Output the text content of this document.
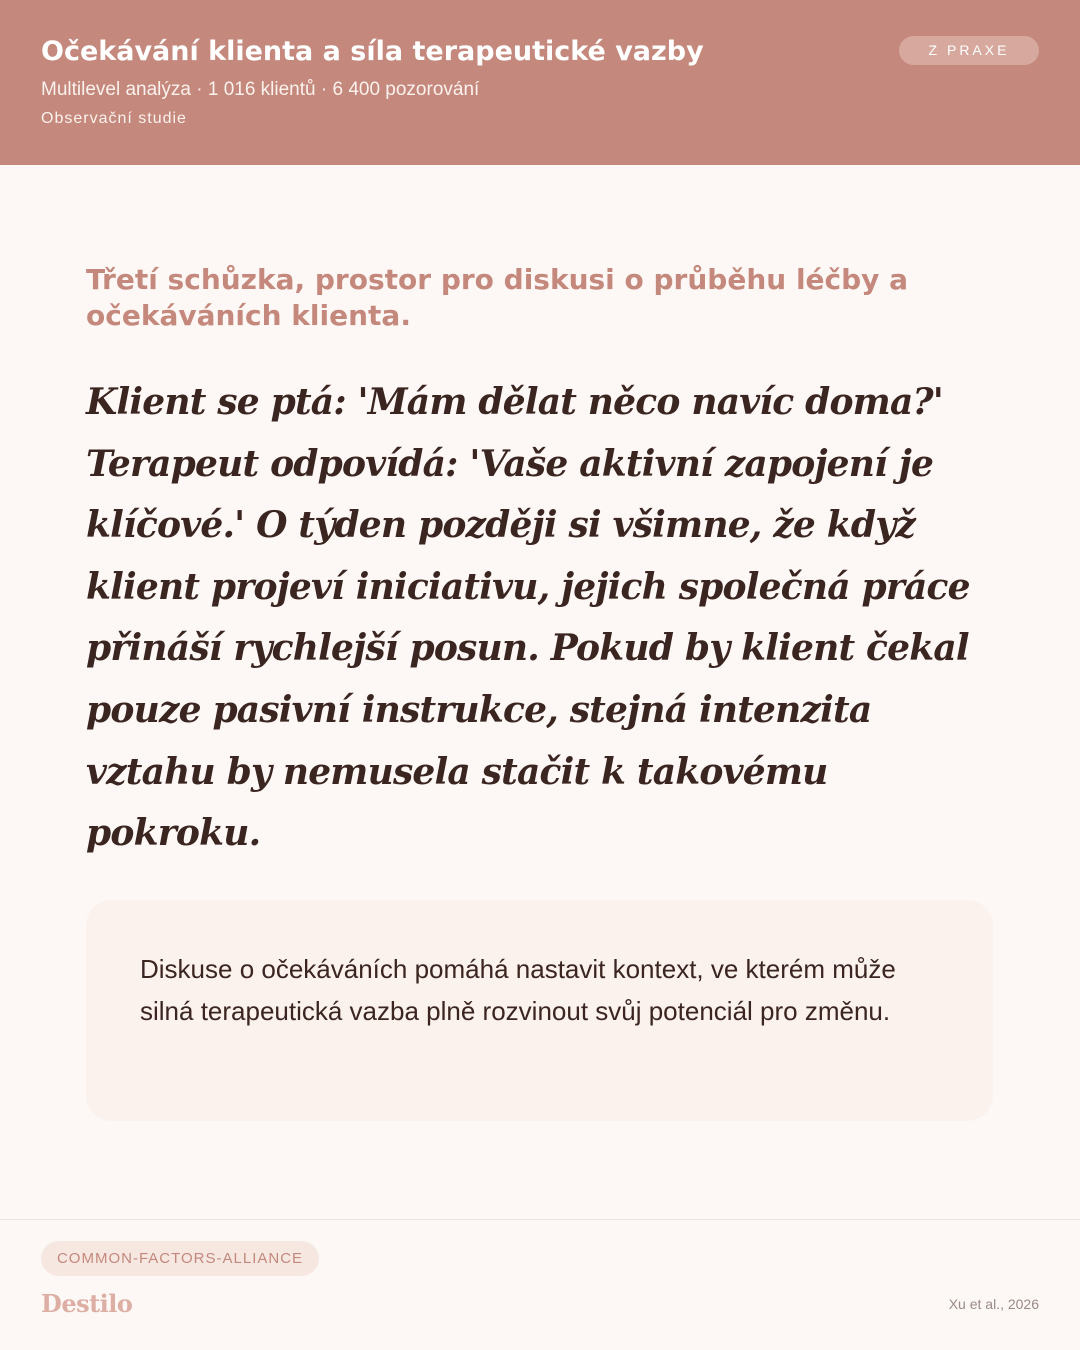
Očekávání klienta a síla terapeutické vazby
Multilevel analýza · 1 016 klientů · 6 400 pozorování
Observační studie
Z PRAXE

Třetí schůzka, prostor pro diskusi o průběhu léčby a očekáváních klienta.

Klient se ptá: 'Mám dělat něco navíc doma?' Terapeut odpovídá: 'Vaše aktivní zapojení je klíčové.' O týden později si všimne, že když klient projeví iniciativu, jejich společná práce přináší rychlejší posun. Pokud by klient čekal pouze pasivní instrukce, stejná intenzita vztahu by nemusela stačit k takovému pokroku.

Diskuse o očekáváních pomáhá nastavit kontext, ve kterém může silná terapeutická vazba plně rozvinout svůj potenciál pro změnu.

COMMON-FACTORS-ALLIANCE
Destilo	Xu et al., 2026
